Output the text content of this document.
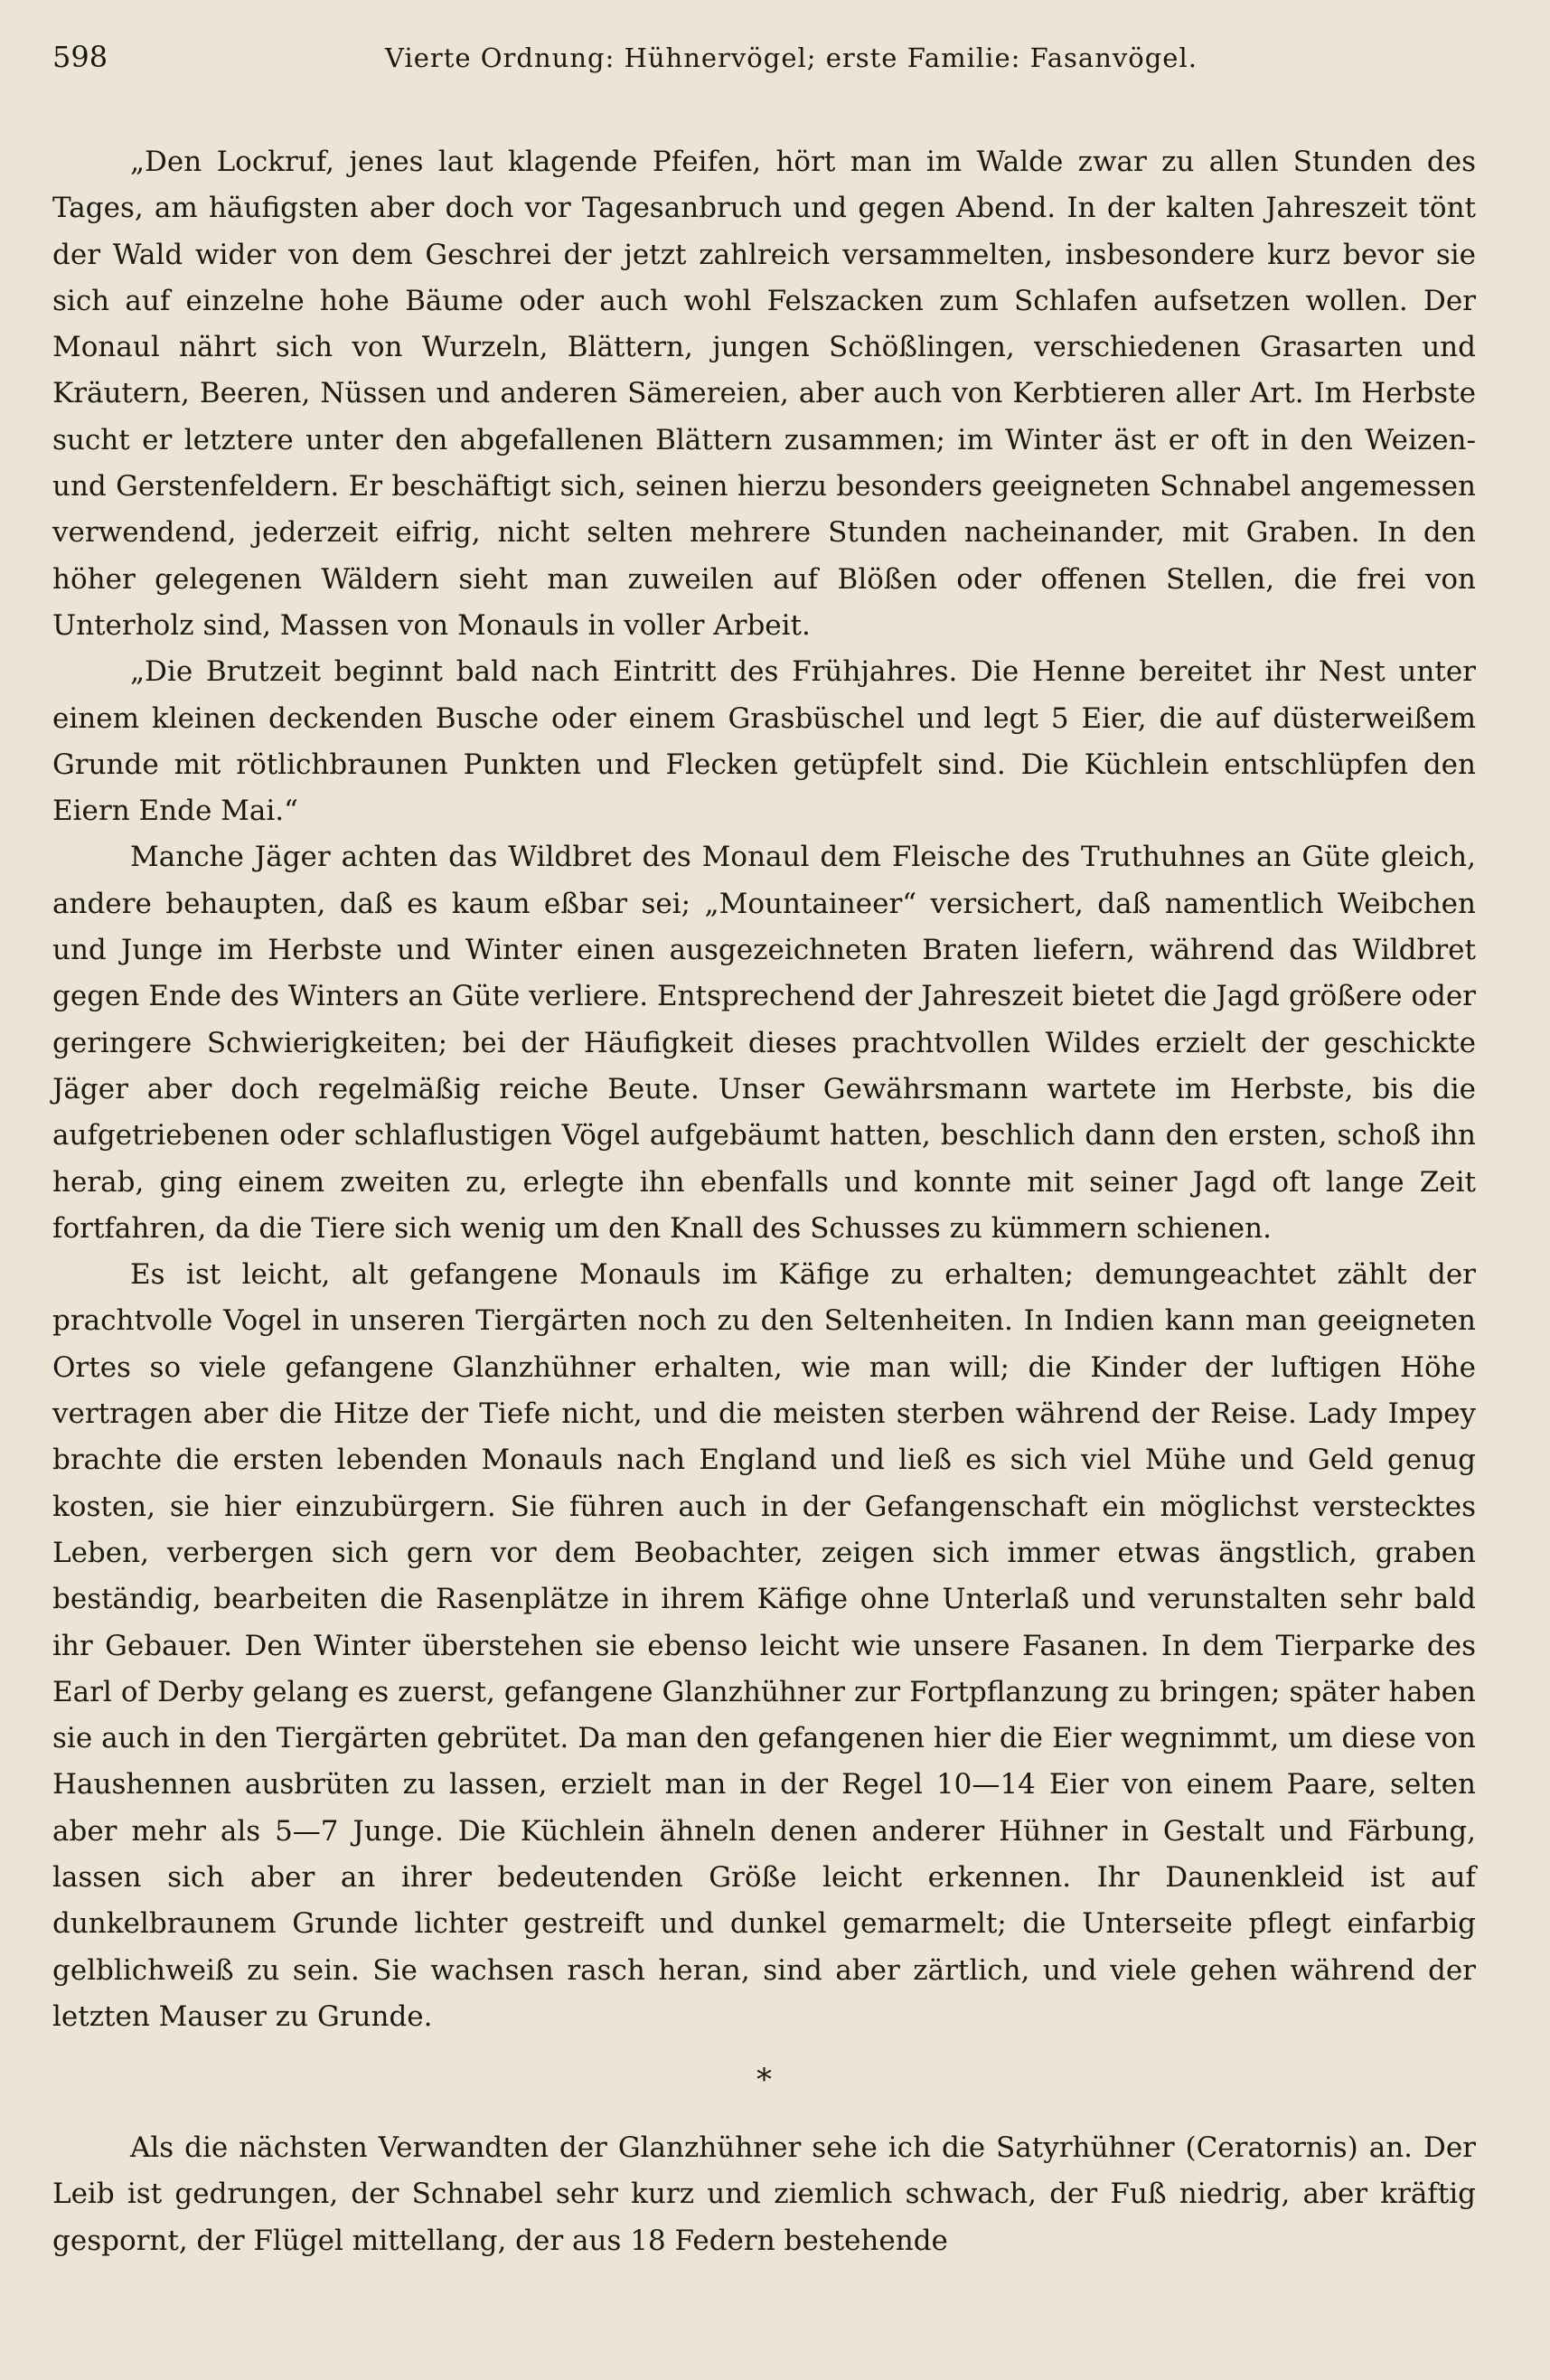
598	Vierte Ordnung: Hühnervögel; erste Familie: Fasanvögel.

„Den Lockruf, jenes laut klagende Pfeifen, hört man im Walde zwar zu allen Stunden des Tages, am häufigsten aber doch vor Tagesanbruch und gegen Abend. In der kalten Jahreszeit tönt der Wald wider von dem Geschrei der jetzt zahlreich versammelten, insbesondere kurz bevor sie sich auf einzelne hohe Bäume oder auch wohl Felszacken zum Schlafen aufsetzen wollen. Der Monaul nährt sich von Wurzeln, Blättern, jungen Schößlingen, verschiedenen Grasarten und Kräutern, Beeren, Nüssen und anderen Sämereien, aber auch von Kerbtieren aller Art. Im Herbste sucht er letztere unter den abgefallenen Blättern zusammen; im Winter äst er oft in den Weizen- und Gerstenfeldern. Er beschäftigt sich, seinen hierzu besonders geeigneten Schnabel angemessen verwendend, jederzeit eifrig, nicht selten mehrere Stunden nacheinander, mit Graben. In den höher gelegenen Wäldern sieht man zuweilen auf Blößen oder offenen Stellen, die frei von Unterholz sind, Massen von Monauls in voller Arbeit.

„Die Brutzeit beginnt bald nach Eintritt des Frühjahres. Die Henne bereitet ihr Nest unter einem kleinen deckenden Busche oder einem Grasbüschel und legt 5 Eier, die auf düsterweißem Grunde mit rötlichbraunen Punkten und Flecken getüpfelt sind. Die Küchlein entschlüpfen den Eiern Ende Mai.“

Manche Jäger achten das Wildbret des Monaul dem Fleische des Truthuhnes an Güte gleich, andere behaupten, daß es kaum eßbar sei; „Mountaineer“ versichert, daß namentlich Weibchen und Junge im Herbste und Winter einen ausgezeichneten Braten liefern, während das Wildbret gegen Ende des Winters an Güte verliere. Entsprechend der Jahreszeit bietet die Jagd größere oder geringere Schwierigkeiten; bei der Häufigkeit dieses prachtvollen Wildes erzielt der geschickte Jäger aber doch regelmäßig reiche Beute. Unser Gewährsmann wartete im Herbste, bis die aufgetriebenen oder schlaflustigen Vögel aufgebäumt hatten, beschlich dann den ersten, schoß ihn herab, ging einem zweiten zu, erlegte ihn ebenfalls und konnte mit seiner Jagd oft lange Zeit fortfahren, da die Tiere sich wenig um den Knall des Schusses zu kümmern schienen.

Es ist leicht, alt gefangene Monauls im Käfige zu erhalten; demungeachtet zählt der prachtvolle Vogel in unseren Tiergärten noch zu den Seltenheiten. In Indien kann man geeigneten Ortes so viele gefangene Glanzhühner erhalten, wie man will; die Kinder der luftigen Höhe vertragen aber die Hitze der Tiefe nicht, und die meisten sterben während der Reise. Lady Impey brachte die ersten lebenden Monauls nach England und ließ es sich viel Mühe und Geld genug kosten, sie hier einzubürgern. Sie führen auch in der Gefangenschaft ein möglichst verstecktes Leben, verbergen sich gern vor dem Beobachter, zeigen sich immer etwas ängstlich, graben beständig, bearbeiten die Rasenplätze in ihrem Käfige ohne Unterlaß und verunstalten sehr bald ihr Gebauer. Den Winter überstehen sie ebenso leicht wie unsere Fasanen. In dem Tierparke des Earl of Derby gelang es zuerst, gefangene Glanzhühner zur Fortpflanzung zu bringen; später haben sie auch in den Tiergärten gebrütet. Da man den gefangenen hier die Eier wegnimmt, um diese von Haushennen ausbrüten zu lassen, erzielt man in der Regel 10—14 Eier von einem Paare, selten aber mehr als 5—7 Junge. Die Küchlein ähneln denen anderer Hühner in Gestalt und Färbung, lassen sich aber an ihrer bedeutenden Größe leicht erkennen. Ihr Daunenkleid ist auf dunkelbraunem Grunde lichter gestreift und dunkel gemarmelt; die Unterseite pflegt einfarbig gelblichweiß zu sein. Sie wachsen rasch heran, sind aber zärtlich, und viele gehen während der letzten Mauser zu Grunde.

*

Als die nächsten Verwandten der Glanzhühner sehe ich die Satyrhühner (Ceratornis) an. Der Leib ist gedrungen, der Schnabel sehr kurz und ziemlich schwach, der Fuß niedrig, aber kräftig gespornt, der Flügel mittellang, der aus 18 Federn bestehende
